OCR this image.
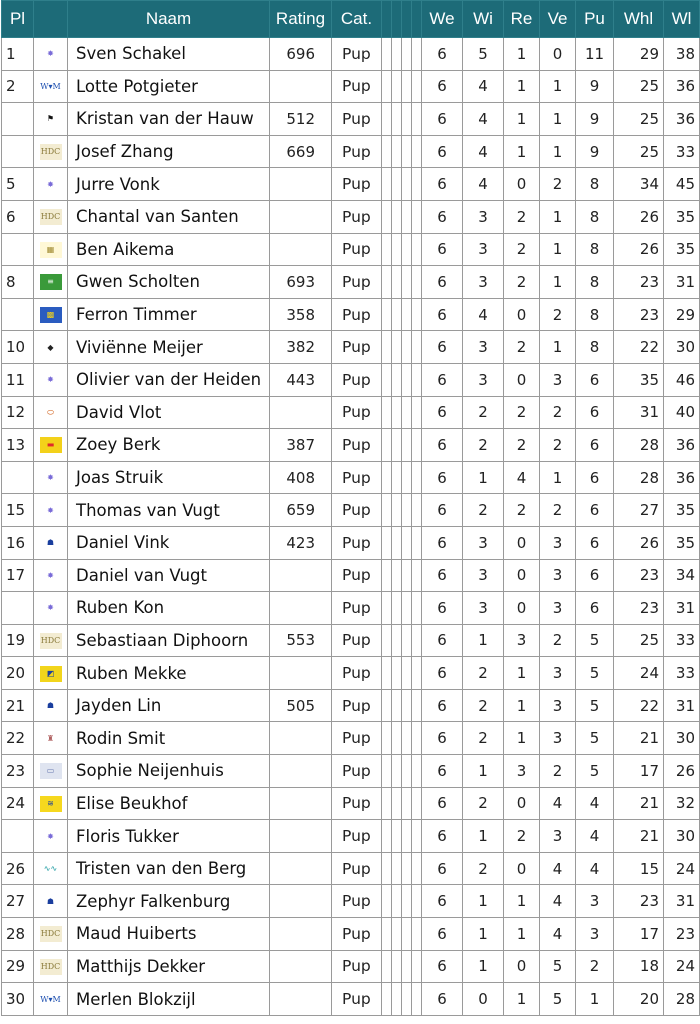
Pl		Naam	Rating	Cat.					We	Wi	Re	Ve	Pu	Whl	Wl
1	✸	Sven Schakel	696	Pup					6	5	1	0	11	29	38
2	W▾M	Lotte Potgieter		Pup					6	4	1	1	9	25	36
	⚑	Kristan van der Hauw	512	Pup					6	4	1	1	9	25	36
	HDC	Josef Zhang	669	Pup					6	4	1	1	9	25	33
5	✸	Jurre Vonk		Pup					6	4	0	2	8	34	45
6	HDC	Chantal van Santen		Pup					6	3	2	1	8	26	35
	▦	Ben Aikema		Pup					6	3	2	1	8	26	35
8	≡	Gwen Scholten	693	Pup					6	3	2	1	8	23	31
	▩	Ferron Timmer	358	Pup					6	4	0	2	8	23	29
10	◆	Viviënne Meijer	382	Pup					6	3	2	1	8	22	30
11	✸	Olivier van der Heiden	443	Pup					6	3	0	3	6	35	46
12	⬭	David Vlot		Pup					6	2	2	2	6	31	40
13	▬	Zoey Berk	387	Pup					6	2	2	2	6	28	36
	✸	Joas Struik	408	Pup					6	1	4	1	6	28	36
15	✸	Thomas van Vugt	659	Pup					6	2	2	2	6	27	35
16	☗	Daniel Vink	423	Pup					6	3	0	3	6	26	35
17	✸	Daniel van Vugt		Pup					6	3	0	3	6	23	34
	✸	Ruben Kon		Pup					6	3	0	3	6	23	31
19	HDC	Sebastiaan Diphoorn	553	Pup					6	1	3	2	5	25	33
20	◩	Ruben Mekke		Pup					6	2	1	3	5	24	33
21	☗	Jayden Lin	505	Pup					6	2	1	3	5	22	31
22	♜	Rodin Smit		Pup					6	2	1	3	5	21	30
23	▭	Sophie Neijenhuis		Pup					6	1	3	2	5	17	26
24	≋	Elise Beukhof		Pup					6	2	0	4	4	21	32
	✸	Floris Tukker		Pup					6	1	2	3	4	21	30
26	∿∿	Tristen van den Berg		Pup					6	2	0	4	4	15	24
27	☗	Zephyr Falkenburg		Pup					6	1	1	4	3	23	31
28	HDC	Maud Huiberts		Pup					6	1	1	4	3	17	23
29	HDC	Matthijs Dekker		Pup					6	1	0	5	2	18	24
30	W▾M	Merlen Blokzijl		Pup					6	0	1	5	1	20	28
